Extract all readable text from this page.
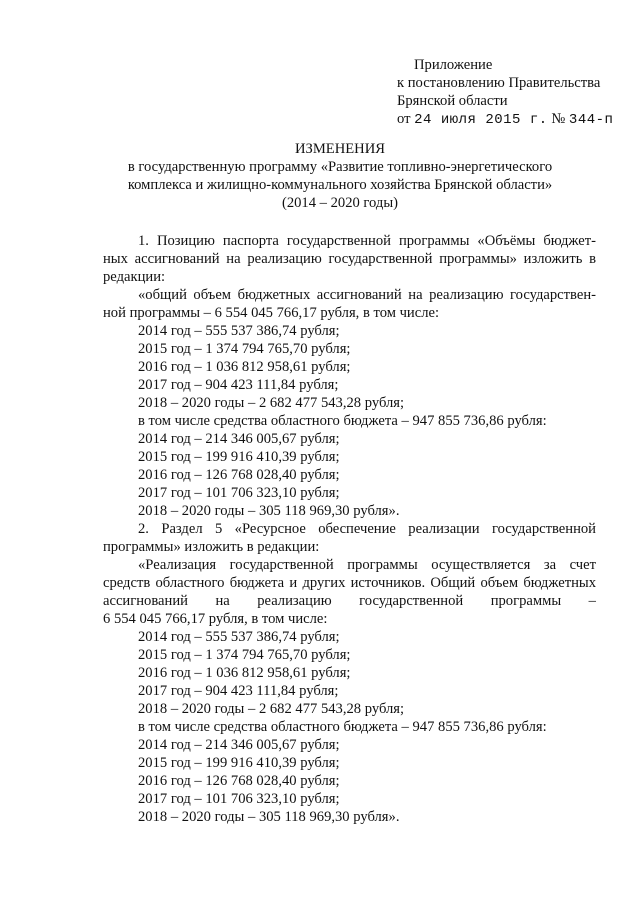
Приложение

к постановлению Правительства

Брянской области

от 24 июля 2015 г. № 344-п

ИЗМЕНЕНИЯ

в государственную программу «Развитие топливно-энергетического

комплекса и жилищно-коммунального хозяйства Брянской области»

(2014 – 2020 годы)

1. Позицию паспорта государственной программы «Объёмы бюджет-

ных ассигнований на реализацию государственной программы» изложить в

редакции:

«общий объем бюджетных ассигнований на реализацию государствен-

ной программы – 6 554 045 766,17 рубля, в том числе:

2014 год – 555 537 386,74 рубля;

2015 год – 1 374 794 765,70 рубля;

2016 год – 1 036 812 958,61 рубля;

2017 год – 904 423 111,84 рубля;

2018 – 2020 годы – 2 682 477 543,28 рубля;

в том числе средства областного бюджета – 947 855 736,86 рубля:

2014 год – 214 346 005,67 рубля;

2015 год – 199 916 410,39 рубля;

2016 год – 126 768 028,40 рубля;

2017 год – 101 706 323,10 рубля;

2018 – 2020 годы – 305 118 969,30 рубля».

2. Раздел 5 «Ресурсное обеспечение реализации государственной

программы» изложить в редакции:

«Реализация государственной программы осуществляется за счет

средств областного бюджета и других источников. Общий объем бюджетных

ассигнований на реализацию государственной программы –

6 554 045 766,17 рубля, в том числе:

2014 год – 555 537 386,74 рубля;

2015 год – 1 374 794 765,70 рубля;

2016 год – 1 036 812 958,61 рубля;

2017 год – 904 423 111,84 рубля;

2018 – 2020 годы – 2 682 477 543,28 рубля;

в том числе средства областного бюджета – 947 855 736,86 рубля:

2014 год – 214 346 005,67 рубля;

2015 год – 199 916 410,39 рубля;

2016 год – 126 768 028,40 рубля;

2017 год – 101 706 323,10 рубля;

2018 – 2020 годы – 305 118 969,30 рубля».
